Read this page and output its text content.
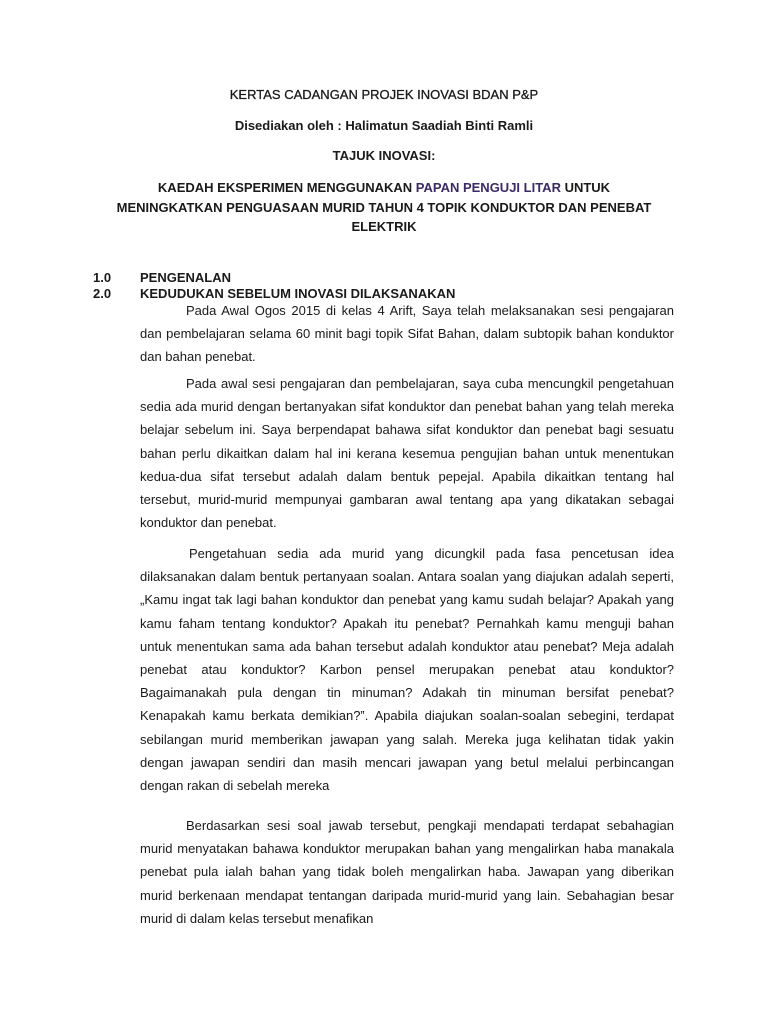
KERTAS CADANGAN PROJEK INOVASI BDAN P&P
Disediakan oleh : Halimatun Saadiah Binti Ramli
TAJUK INOVASI:
KAEDAH EKSPERIMEN MENGGUNAKAN PAPAN PENGUJI LITAR UNTUK MENINGKATKAN PENGUASAAN MURID TAHUN 4 TOPIK KONDUKTOR DAN PENEBAT ELEKTRIK
1.0 PENGENALAN
2.0 KEDUDUKAN SEBELUM INOVASI DILAKSANAKAN

Pada Awal Ogos 2015 di kelas 4 Arift, Saya telah melaksanakan sesi pengajaran dan pembelajaran selama 60 minit bagi topik Sifat Bahan, dalam subtopik bahan konduktor dan bahan penebat.

Pada awal sesi pengajaran dan pembelajaran, saya cuba mencungkil pengetahuan sedia ada murid dengan bertanyakan sifat konduktor dan penebat bahan yang telah mereka belajar sebelum ini. Saya berpendapat bahawa sifat konduktor dan penebat bagi sesuatu bahan perlu dikaitkan dalam hal ini kerana kesemua pengujian bahan untuk menentukan kedua-dua sifat tersebut adalah dalam bentuk pepejal. Apabila dikaitkan tentang hal tersebut, murid-murid mempunyai gambaran awal tentang apa yang dikatakan sebagai konduktor dan penebat.

Pengetahuan sedia ada murid yang dicungkil pada fasa pencetusan idea dilaksanakan dalam bentuk pertanyaan soalan. Antara soalan yang diajukan adalah seperti, „Kamu ingat tak lagi bahan konduktor dan penebat yang kamu sudah belajar? Apakah yang kamu faham tentang konduktor? Apakah itu penebat? Pernahkah kamu menguji bahan untuk menentukan sama ada bahan tersebut adalah konduktor atau penebat? Meja adalah penebat atau konduktor? Karbon pensel merupakan penebat atau konduktor? Bagaimanakah pula dengan tin minuman? Adakah tin minuman bersifat penebat? Kenapakah kamu berkata demikian?‟. Apabila diajukan soalan-soalan sebegini, terdapat sebilangan murid memberikan jawapan yang salah. Mereka juga kelihatan tidak yakin dengan jawapan sendiri dan masih mencari jawapan yang betul melalui perbincangan dengan rakan di sebelah mereka

Berdasarkan sesi soal jawab tersebut, pengkaji mendapati terdapat sebahagian murid menyatakan bahawa konduktor merupakan bahan yang mengalirkan haba manakala penebat pula ialah bahan yang tidak boleh mengalirkan haba. Jawapan yang diberikan murid berkenaan mendapat tentangan daripada murid-murid yang lain. Sebahagian besar murid di dalam kelas tersebut menafikan
